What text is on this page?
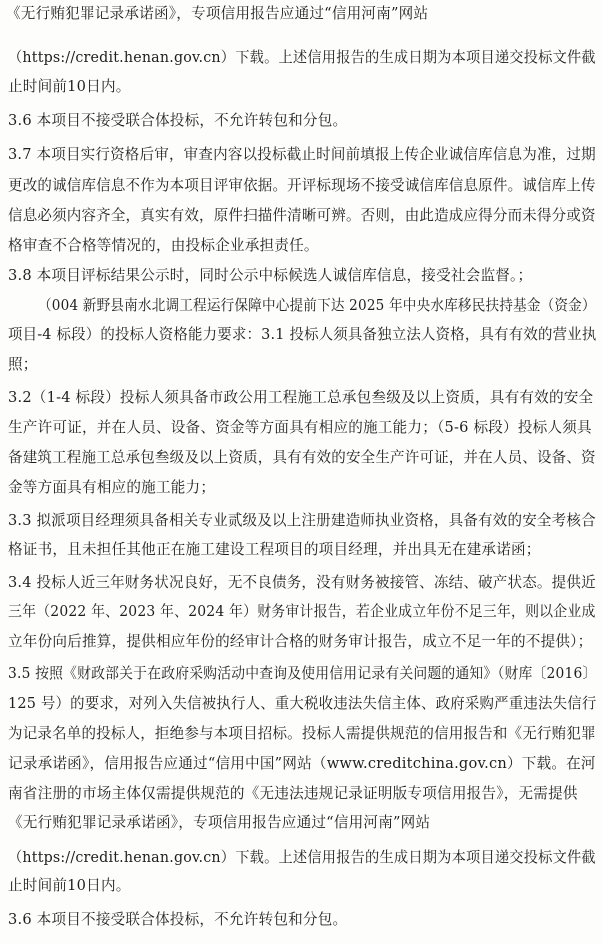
《无行贿犯罪记录承诺函》，专项信用报告应通过“信用河南”网站
（https://credit.henan.gov.cn）下载。上述信用报告的生成日期为本项目递交投标文件截
止时间前10日内。
3.6 本项目不接受联合体投标，不允许转包和分包。
3.7 本项目实行资格后审，审查内容以投标截止时间前填报上传企业诚信库信息为准，过期
更改的诚信库信息不作为本项目评审依据。开评标现场不接受诚信库信息原件。诚信库上传
信息必须内容齐全，真实有效，原件扫描件清晰可辨。否则，由此造成应得分而未得分或资
格审查不合格等情况的，由投标企业承担责任。
3.8 本项目评标结果公示时，同时公示中标候选人诚信库信息，接受社会监督。；
（004 新野县南水北调工程运行保障中心提前下达 2025 年中央水库移民扶持基金（资金）
项目-4 标段）的投标人资格能力要求：3.1 投标人须具备独立法人资格，具有有效的营业执
照；
3.2（1-4 标段）投标人须具备市政公用工程施工总承包叁级及以上资质，具有有效的安全
生产许可证，并在人员、设备、资金等方面具有相应的施工能力；（5-6 标段）投标人须具
备建筑工程施工总承包叁级及以上资质，具有有效的安全生产许可证，并在人员、设备、资
金等方面具有相应的施工能力；
3.3 拟派项目经理须具备相关专业贰级及以上注册建造师执业资格，具备有效的安全考核合
格证书，且未担任其他正在施工建设工程项目的项目经理，并出具无在建承诺函；
3.4 投标人近三年财务状况良好，无不良债务，没有财务被接管、冻结、破产状态。提供近
三年（2022 年、2023 年、2024 年）财务审计报告，若企业成立年份不足三年，则以企业成
立年份向后推算，提供相应年份的经审计合格的财务审计报告，成立不足一年的不提供）；
3.5 按照《财政部关于在政府采购活动中查询及使用信用记录有关问题的通知》（财库〔2016〕
125 号）的要求，对列入失信被执行人、重大税收违法失信主体、政府采购严重违法失信行
为记录名单的投标人，拒绝参与本项目招标。投标人需提供规范的信用报告和《无行贿犯罪
记录承诺函》，信用报告应通过“信用中国”网站（www.creditchina.gov.cn）下载。在河
南省注册的市场主体仅需提供规范的《无违法违规记录证明版专项信用报告》，无需提供
《无行贿犯罪记录承诺函》，专项信用报告应通过“信用河南”网站
（https://credit.henan.gov.cn）下载。上述信用报告的生成日期为本项目递交投标文件截
止时间前10日内。
3.6 本项目不接受联合体投标，不允许转包和分包。
